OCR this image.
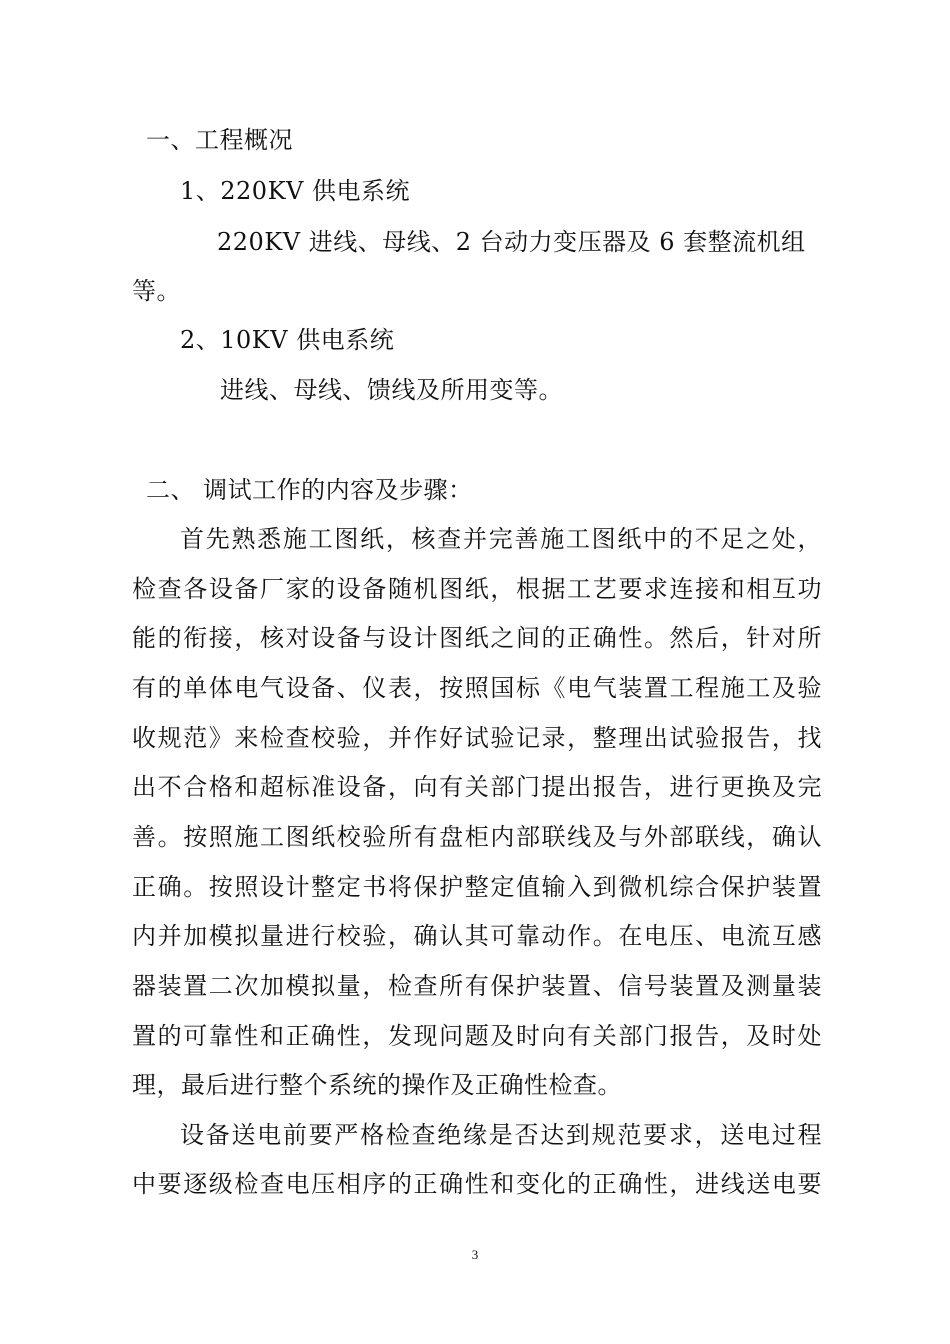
一、工程概况
1、220KV 供电系统
220KV 进线、母线、2 台动力变压器及 6 套整流机组
等。
2、10KV 供电系统
进线、母线、馈线及所用变等。
二、 调试工作的内容及步骤：
首先熟悉施工图纸，核查并完善施工图纸中的不足之处，
检查各设备厂家的设备随机图纸，根据工艺要求连接和相互功
能的衔接，核对设备与设计图纸之间的正确性。然后，针对所
有的单体电气设备、仪表，按照国标《电气装置工程施工及验
收规范》来检查校验，并作好试验记录，整理出试验报告，找
出不合格和超标准设备，向有关部门提出报告，进行更换及完
善。按照施工图纸校验所有盘柜内部联线及与外部联线，确认
正确。按照设计整定书将保护整定值输入到微机综合保护装置
内并加模拟量进行校验，确认其可靠动作。在电压、电流互感
器装置二次加模拟量，检查所有保护装置、信号装置及测量装
置的可靠性和正确性，发现问题及时向有关部门报告，及时处
理，最后进行整个系统的操作及正确性检查。
设备送电前要严格检查绝缘是否达到规范要求，送电过程
中要逐级检查电压相序的正确性和变化的正确性，进线送电要
3
